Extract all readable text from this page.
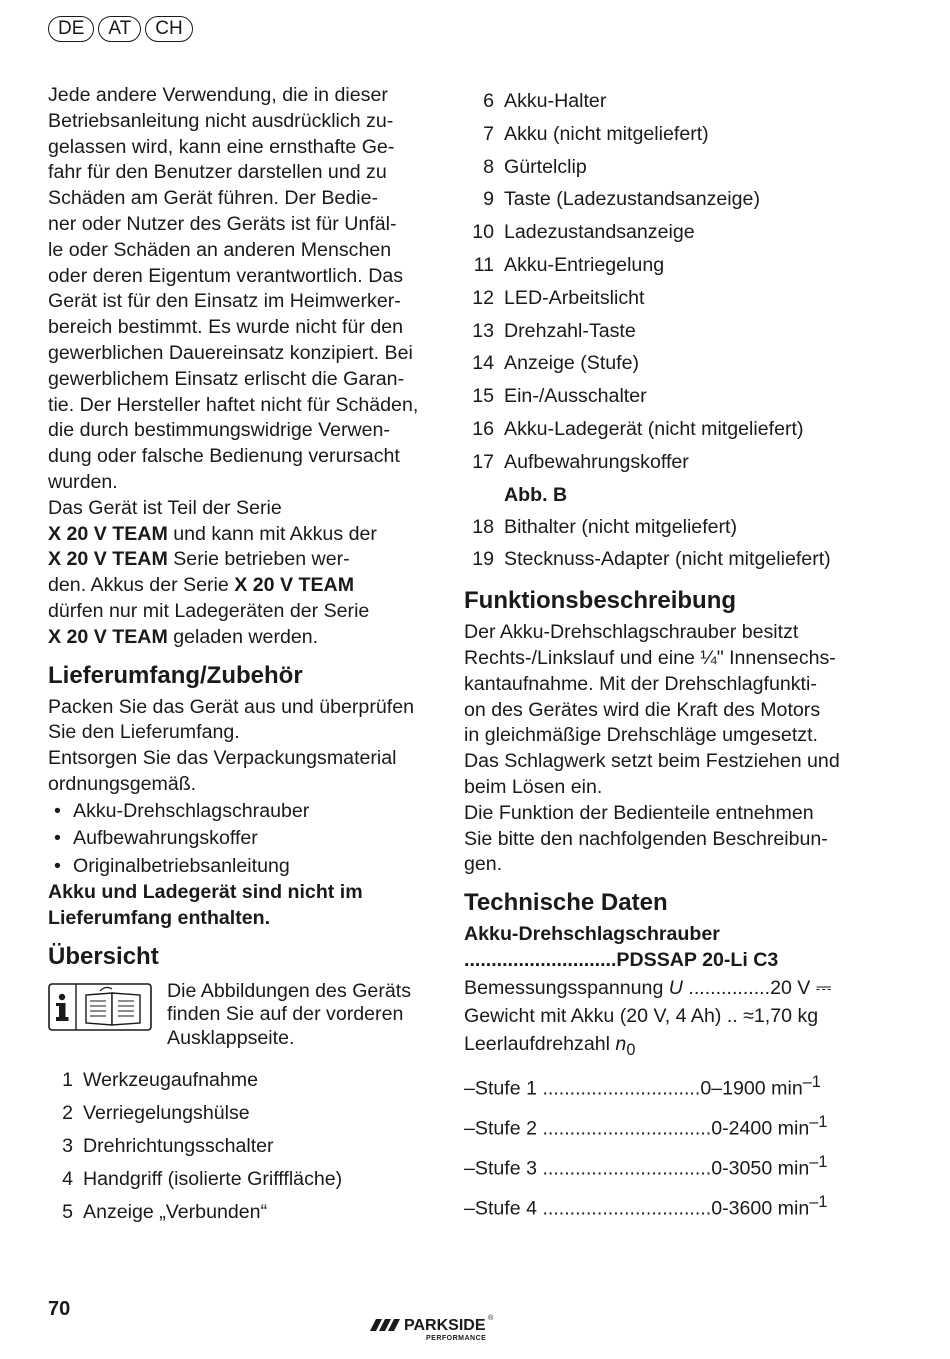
DE	AT	CH
Jede andere Verwendung, die in dieser
Betriebsanleitung nicht ausdrücklich zu-
gelassen wird, kann eine ernsthafte Ge-
fahr für den Benutzer darstellen und zu
Schäden am Gerät führen. Der Bedie-
ner oder Nutzer des Geräts ist für Unfäl-
le oder Schäden an anderen Menschen
oder deren Eigentum verantwortlich. Das
Gerät ist für den Einsatz im Heimwerker-
bereich bestimmt. Es wurde nicht für den
gewerblichen Dauereinsatz konzipiert. Bei
gewerblichem Einsatz erlischt die Garan-
tie. Der Hersteller haftet nicht für Schäden,
die durch bestimmungswidrige Verwen-
dung oder falsche Bedienung verursacht
wurden.
Das Gerät ist Teil der Serie
X 20 V TEAM und kann mit Akkus der
X 20 V TEAM Serie betrieben wer-
den. Akkus der Serie X 20 V TEAM
dürfen nur mit Ladegeräten der Serie
X 20 V TEAM geladen werden.
Lieferumfang/Zubehör
Packen Sie das Gerät aus und überprüfen
Sie den Lieferumfang.
Entsorgen Sie das Verpackungsmaterial
ordnungsgemäß.
• Akku-Drehschlagschrauber
• Aufbewahrungskoffer
• Originalbetriebsanleitung
Akku und Ladegerät sind nicht im
Lieferumfang enthalten.
Übersicht
Die Abbildungen des Geräts
finden Sie auf der vorderen
Ausklappseite.
1 Werkzeugaufnahme
2 Verriegelungshülse
3 Drehrichtungsschalter
4 Handgriff (isolierte Grifffläche)
5 Anzeige „Verbunden“
6 Akku-Halter
7 Akku (nicht mitgeliefert)
8 Gürtelclip
9 Taste (Ladezustandsanzeige)
10 Ladezustandsanzeige
11 Akku-Entriegelung
12 LED-Arbeitslicht
13 Drehzahl-Taste
14 Anzeige (Stufe)
15 Ein-/Ausschalter
16 Akku-Ladegerät (nicht mitgeliefert)
17 Aufbewahrungskoffer
Abb. B
18 Bithalter (nicht mitgeliefert)
19 Stecknuss-Adapter (nicht mitgeliefert)
Funktionsbeschreibung
Der Akku-Drehschlagschrauber besitzt
Rechts-/Linkslauf und eine ¼" Innensechs-
kantaufnahme. Mit der Drehschlagfunkti-
on des Gerätes wird die Kraft des Motors
in gleichmäßige Drehschläge umgesetzt.
Das Schlagwerk setzt beim Festziehen und
beim Lösen ein.
Die Funktion der Bedienteile entnehmen
Sie bitte den nachfolgenden Beschreibun-
gen.
Technische Daten
Akku-Drehschlagschrauber
............................PDSSAP 20-Li C3
Bemessungsspannung U ...............20 V ⎓
Gewicht mit Akku (20 V, 4 Ah) .. ≈1,70 kg
Leerlaufdrehzahl $n_0$
–Stufe 1 .............................0–1900 $\min^{-1}$
–Stufe 2 ...............................0-2400 $\min^{-1}$
–Stufe 3 ...............................0-3050 $\min^{-1}$
–Stufe 4 ...............................0-3600 $\min^{-1}$
70
PARKSIDE ®
PERFORMANCE
